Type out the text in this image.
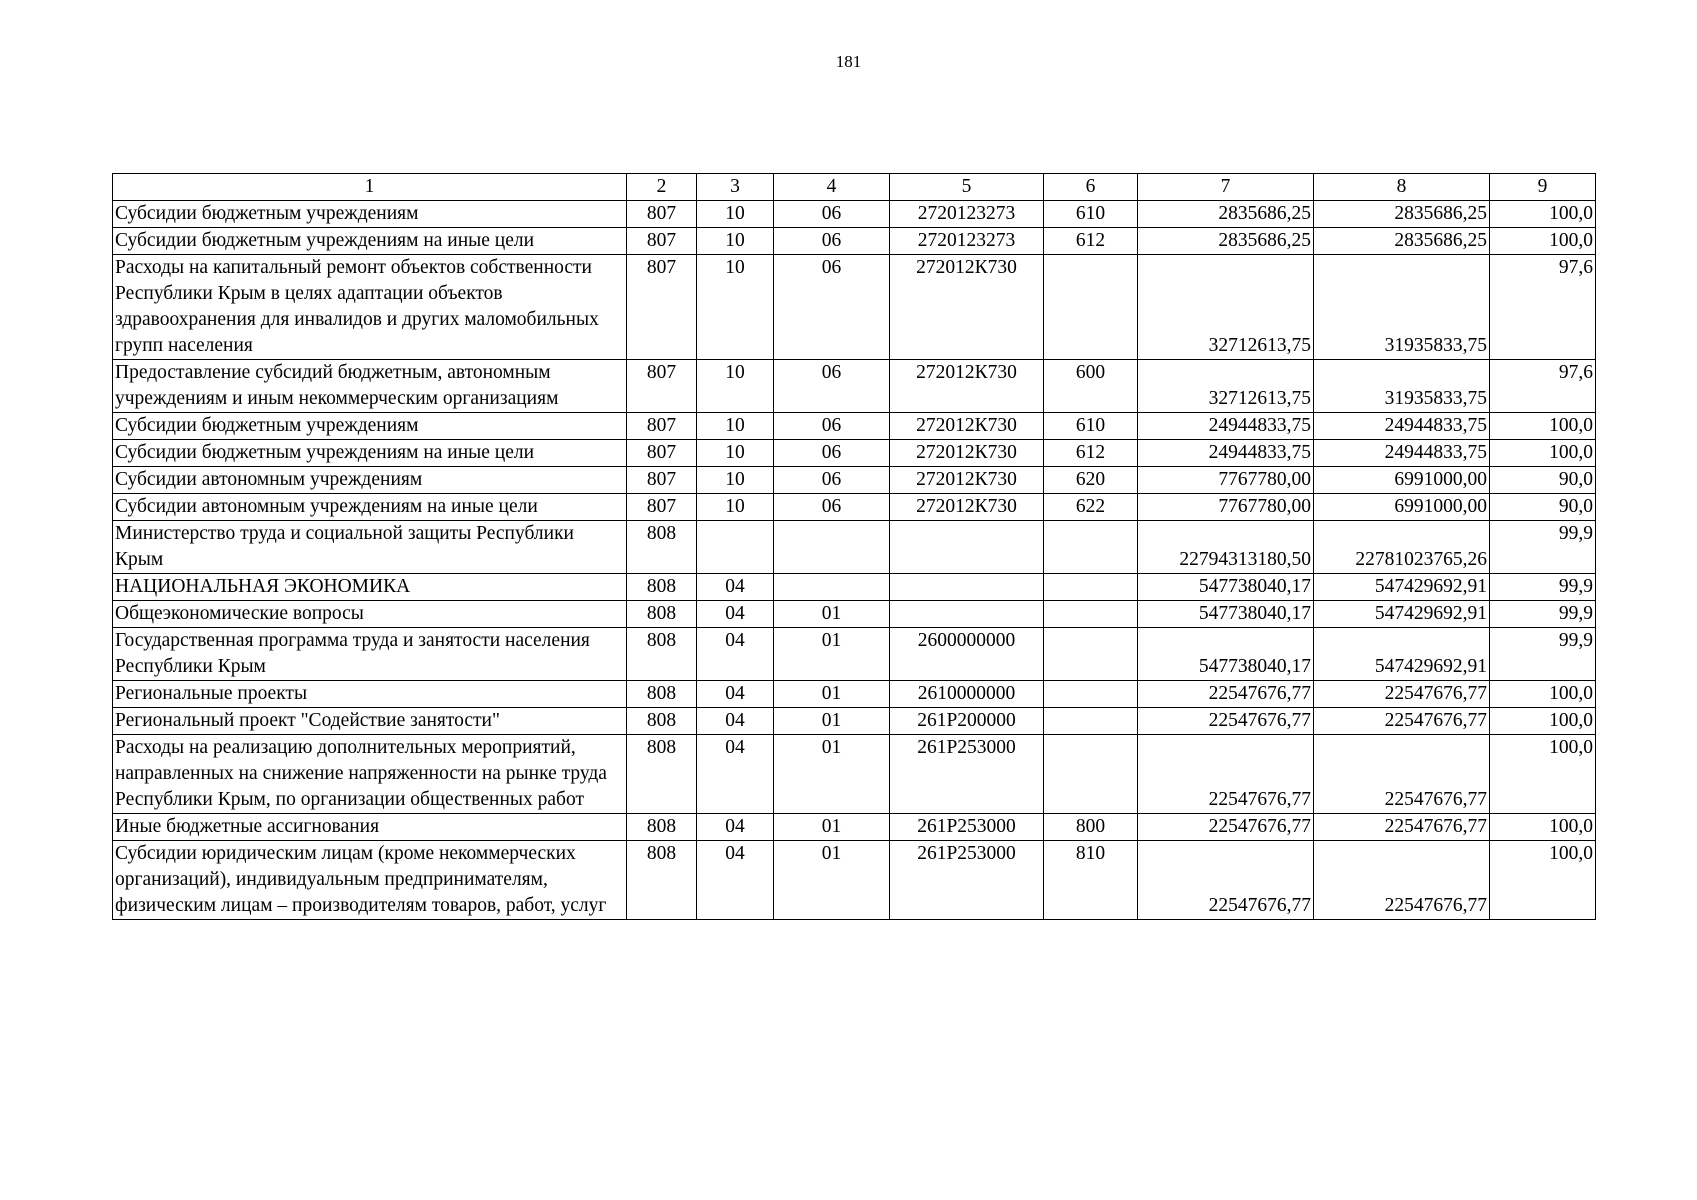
181
1	2	3	4	5	6	7	8	9
Субсидии бюджетным учреждениям	807	10	06	2720123273	610	2835686,25	2835686,25	100,0
Субсидии бюджетным учреждениям на иные цели	807	10	06	2720123273	612	2835686,25	2835686,25	100,0
Расходы на капитальный ремонт объектов собственности Республики Крым в целях адаптации объектов здравоохранения для инвалидов и других маломобильных групп населения	807	10	06	272012К730		32712613,75	31935833,75	97,6
Предоставление субсидий бюджетным, автономным учреждениям и иным некоммерческим организациям	807	10	06	272012К730	600	32712613,75	31935833,75	97,6
Субсидии бюджетным учреждениям	807	10	06	272012К730	610	24944833,75	24944833,75	100,0
Субсидии бюджетным учреждениям на иные цели	807	10	06	272012К730	612	24944833,75	24944833,75	100,0
Субсидии автономным учреждениям	807	10	06	272012К730	620	7767780,00	6991000,00	90,0
Субсидии автономным учреждениям на иные цели	807	10	06	272012К730	622	7767780,00	6991000,00	90,0
Министерство труда и социальной защиты Республики Крым	808					22794313180,50	22781023765,26	99,9
НАЦИОНАЛЬНАЯ ЭКОНОМИКА	808	04				547738040,17	547429692,91	99,9
Общеэкономические вопросы	808	04	01			547738040,17	547429692,91	99,9
Государственная программа труда и занятости населения Республики Крым	808	04	01	2600000000		547738040,17	547429692,91	99,9
Региональные проекты	808	04	01	2610000000		22547676,77	22547676,77	100,0
Региональный проект "Содействие занятости"	808	04	01	261Р200000		22547676,77	22547676,77	100,0
Расходы на реализацию дополнительных мероприятий, направленных на снижение напряженности на рынке труда Республики Крым, по организации общественных работ	808	04	01	261Р253000		22547676,77	22547676,77	100,0
Иные бюджетные ассигнования	808	04	01	261Р253000	800	22547676,77	22547676,77	100,0
Субсидии юридическим лицам (кроме некоммерческих организаций), индивидуальным предпринимателям, физическим лицам – производителям товаров, работ, услуг	808	04	01	261Р253000	810	22547676,77	22547676,77	100,0
